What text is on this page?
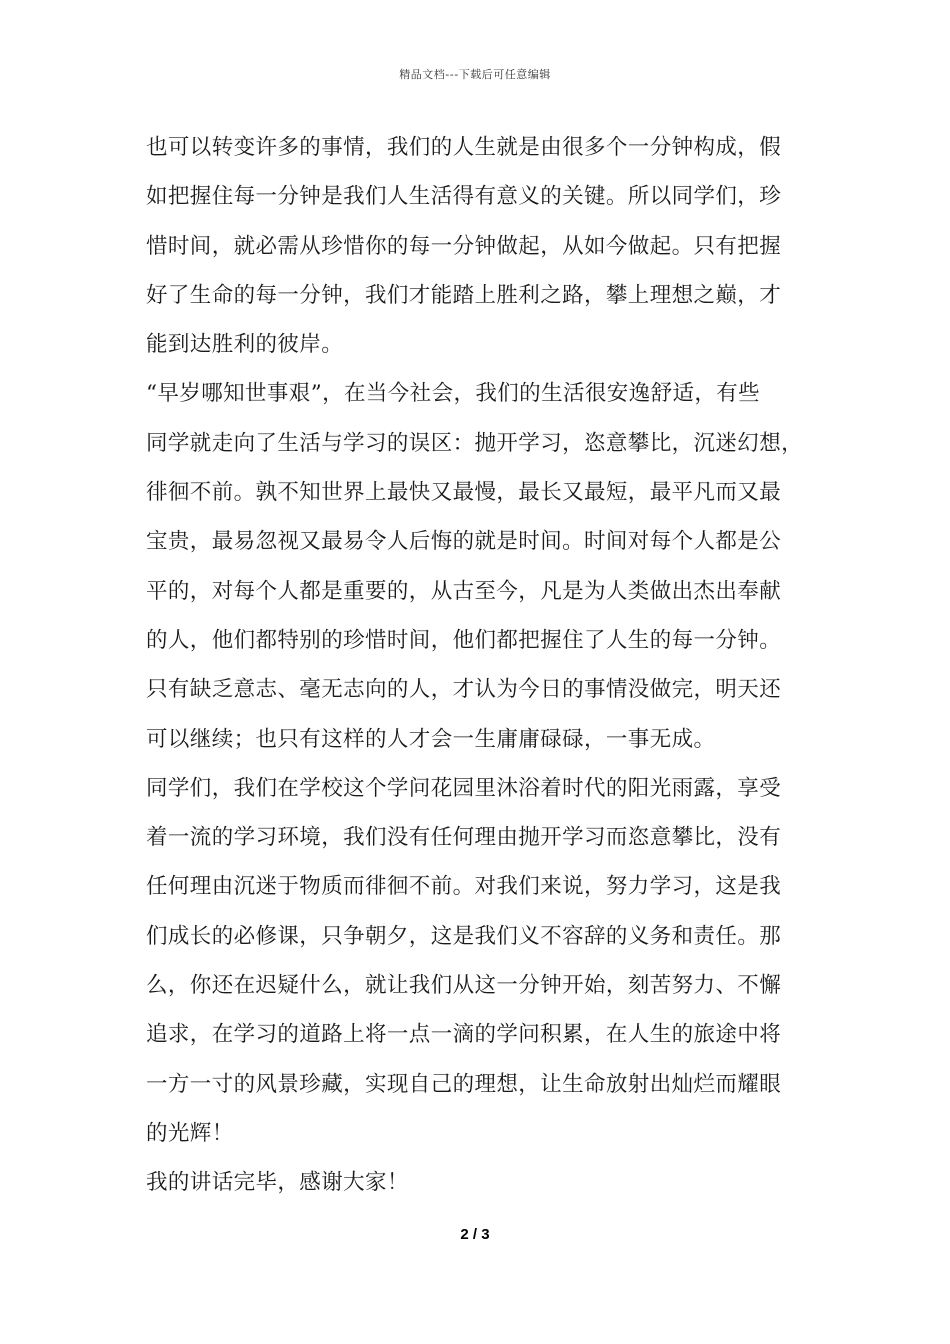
精品文档---下载后可任意编辑
也可以转变许多的事情，我们的人生就是由很多个一分钟构成，假
如把握住每一分钟是我们人生活得有意义的关键。所以同学们，珍
惜时间，就必需从珍惜你的每一分钟做起，从如今做起。只有把握
好了生命的每一分钟，我们才能踏上胜利之路，攀上理想之巅，才
能到达胜利的彼岸。
“早岁哪知世事艰”，在当今社会，我们的生活很安逸舒适，有些
同学就走向了生活与学习的误区：抛开学习，恣意攀比，沉迷幻想，
徘徊不前。孰不知世界上最快又最慢，最长又最短，最平凡而又最
宝贵，最易忽视又最易令人后悔的就是时间。时间对每个人都是公
平的，对每个人都是重要的，从古至今，凡是为人类做出杰出奉献
的人，他们都特别的珍惜时间，他们都把握住了人生的每一分钟。
只有缺乏意志、毫无志向的人，才认为今日的事情没做完，明天还
可以继续；也只有这样的人才会一生庸庸碌碌，一事无成。
同学们，我们在学校这个学问花园里沐浴着时代的阳光雨露，享受
着一流的学习环境，我们没有任何理由抛开学习而恣意攀比，没有
任何理由沉迷于物质而徘徊不前。对我们来说，努力学习，这是我
们成长的必修课，只争朝夕，这是我们义不容辞的义务和责任。那
么，你还在迟疑什么，就让我们从这一分钟开始，刻苦努力、不懈
追求，在学习的道路上将一点一滴的学问积累，在人生的旅途中将
一方一寸的风景珍藏，实现自己的理想，让生命放射出灿烂而耀眼
的光辉！
我的讲话完毕，感谢大家！
2 / 3
